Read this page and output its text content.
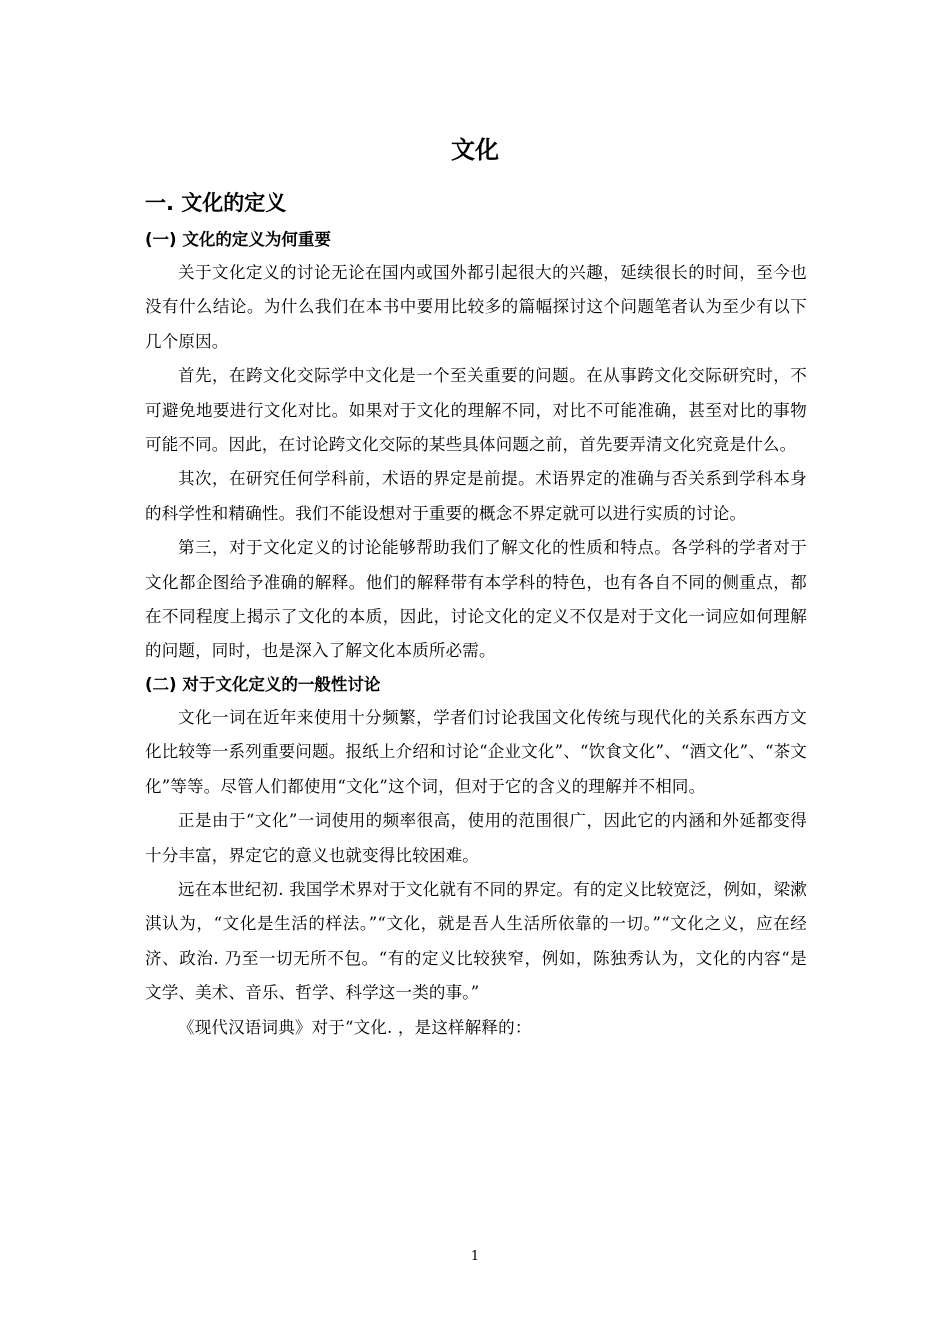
文化
一. 文化的定义
(一) 文化的定义为何重要

关于文化定义的讨论无论在国内或国外都引起很大的兴趣，延续很长的时间，至今也没有什么结论。为什么我们在本书中要用比较多的篇幅探讨这个问题笔者认为至少有以下几个原因。

首先，在跨文化交际学中文化是一个至关重要的问题。在从事跨文化交际研究时，不可避免地要进行文化对比。如果对于文化的理解不同，对比不可能准确，甚至对比的事物可能不同。因此，在讨论跨文化交际的某些具体问题之前，首先要弄清文化究竟是什么。

其次，在研究任何学科前，术语的界定是前提。术语界定的准确与否关系到学科本身的科学性和精确性。我们不能设想对于重要的概念不界定就可以进行实质的讨论。

第三，对于文化定义的讨论能够帮助我们了解文化的性质和特点。各学科的学者对于文化都企图给予准确的解释。他们的解释带有本学科的特色，也有各自不同的侧重点，都在不同程度上揭示了文化的本质，因此，讨论文化的定义不仅是对于文化一词应如何理解的问题，同时，也是深入了解文化本质所必需。

(二) 对于文化定义的一般性讨论

文化一词在近年来使用十分频繁，学者们讨论我国文化传统与现代化的关系东西方文化比较等一系列重要问题。报纸上介绍和讨论“企业文化”、“饮食文化”、“酒文化”、“茶文化”等等。尽管人们都使用“文化”这个词，但对于它的含义的理解并不相同。

正是由于“文化”一词使用的频率很高，使用的范围很广，因此它的内涵和外延都变得十分丰富，界定它的意义也就变得比较困难。

远在本世纪初. 我国学术界对于文化就有不同的界定。有的定义比较宽泛，例如，梁漱淇认为，“文化是生活的样法。”“文化，就是吾人生活所依靠的一切。”“文化之义，应在经济、政治. 乃至一切无所不包。“有的定义比较狭窄，例如，陈独秀认为，文化的内容“是文学、美术、音乐、哲学、科学这一类的事。”

《现代汉语词典》对于“文化. ，是这样解释的：

1
